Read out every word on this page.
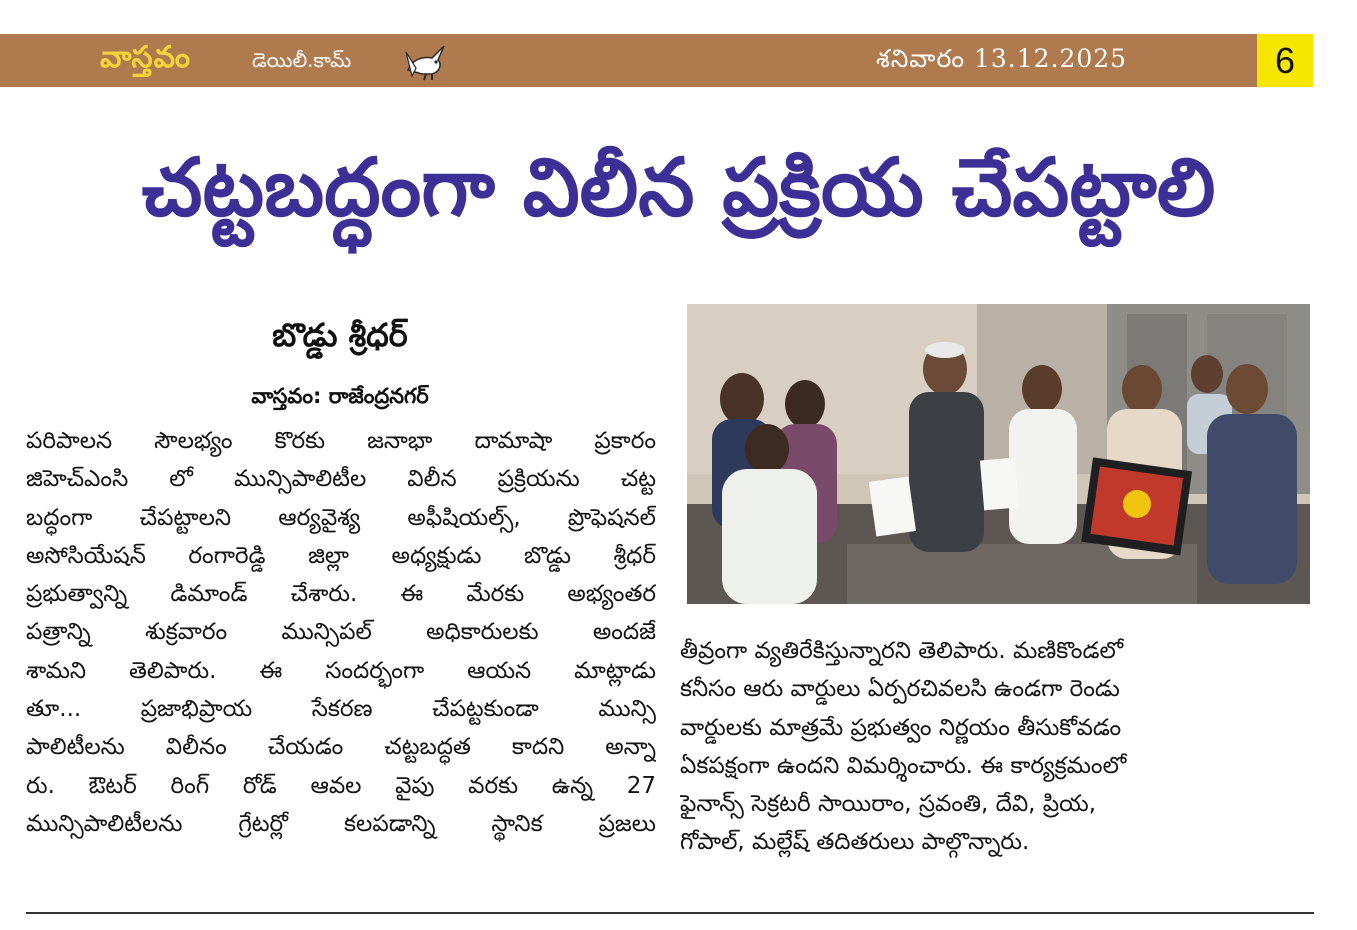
వాస్తవం	డెయిలీ.కామ్	శనివారం 13.12.2025	6
చట్టబద్ధంగా విలీన ప్రక్రియ చేపట్టాలి
బొడ్డు శ్రీధర్
వాస్తవం: రాజేంద్రనగర్
పరిపాలన సౌలభ్యం కొరకు జనాభా దామాషా ప్రకారం
జిహెచ్ఎంసి లో మున్సిపాలిటీల విలీన ప్రక్రియను చట్ట
బద్ధంగా చేపట్టాలని ఆర్యవైశ్య అఫీషియల్స్, ప్రొఫెషనల్
అసోసియేషన్ రంగారెడ్డి జిల్లా అధ్యక్షుడు బొడ్డు శ్రీధర్
ప్రభుత్వాన్ని డిమాండ్ చేశారు. ఈ మేరకు అభ్యంతర
పత్రాన్ని శుక్రవారం మున్సిపల్ అధికారులకు అందజే
శామని తెలిపారు. ఈ సందర్భంగా ఆయన మాట్లాడు
తూ... ప్రజాభిప్రాయ సేకరణ చేపట్టకుండా మున్సి
పాలిటీలను విలీనం చేయడం చట్టబద్ధత కాదని అన్నా
రు. ఔటర్ రింగ్ రోడ్ ఆవల వైపు వరకు ఉన్న 27
మున్సిపాలిటీలను గ్రేటర్లో కలపడాన్ని స్థానిక ప్రజలు
తీవ్రంగా వ్యతిరేకిస్తున్నారని తెలిపారు. మణికొండలో
కనీసం ఆరు వార్డులు ఏర్పరచివలసి ఉండగా రెండు
వార్డులకు మాత్రమే ప్రభుత్వం నిర్ణయం తీసుకోవడం
ఏకపక్షంగా ఉందని విమర్శించారు. ఈ కార్యక్రమంలో
ఫైనాన్స్ సెక్రటరీ సాయిరాం, స్రవంతి, దేవి, ప్రియ,
గోపాల్, మల్లేష్ తదితరులు పాల్గొన్నారు.
